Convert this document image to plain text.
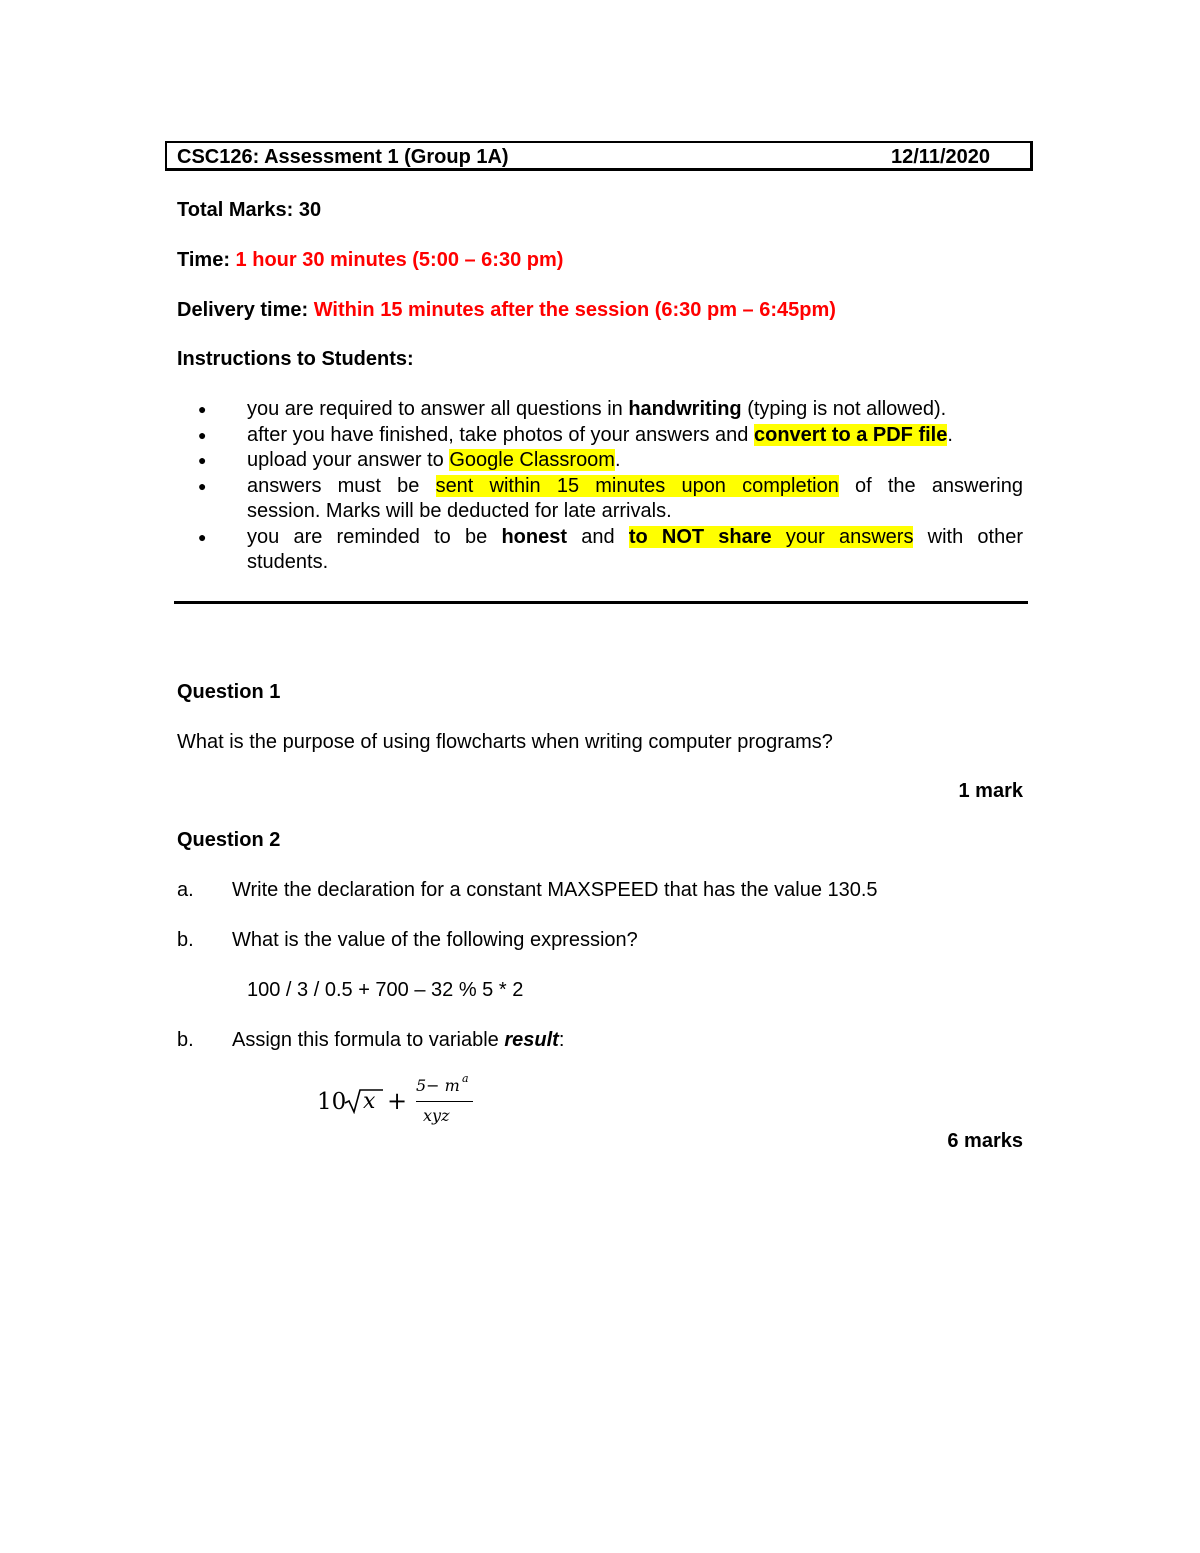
CSC126: Assessment 1 (Group 1A)	12/11/2020
Total Marks: 30
Time: 1 hour 30 minutes (5:00 – 6:30 pm)
Delivery time: Within 15 minutes after the session (6:30 pm – 6:45pm)
Instructions to Students:
● you are required to answer all questions in handwriting (typing is not allowed).
● after you have finished, take photos of your answers and convert to a PDF file.
● upload your answer to Google Classroom.
● answers must be sent within 15 minutes upon completion of the answering
session. Marks will be deducted for late arrivals.
● you are reminded to be honest and to NOT share your answers with other
students.
Question 1
What is the purpose of using flowcharts when writing computer programs?
1 mark
Question 2
a. Write the declaration for a constant MAXSPEED that has the value 130.5
b. What is the value of the following expression?
100 / 3 / 0.5 + 700 – 32 % 5 * 2
b. Assign this formula to variable result:
10 x +
5− m a
xyz
6 marks
